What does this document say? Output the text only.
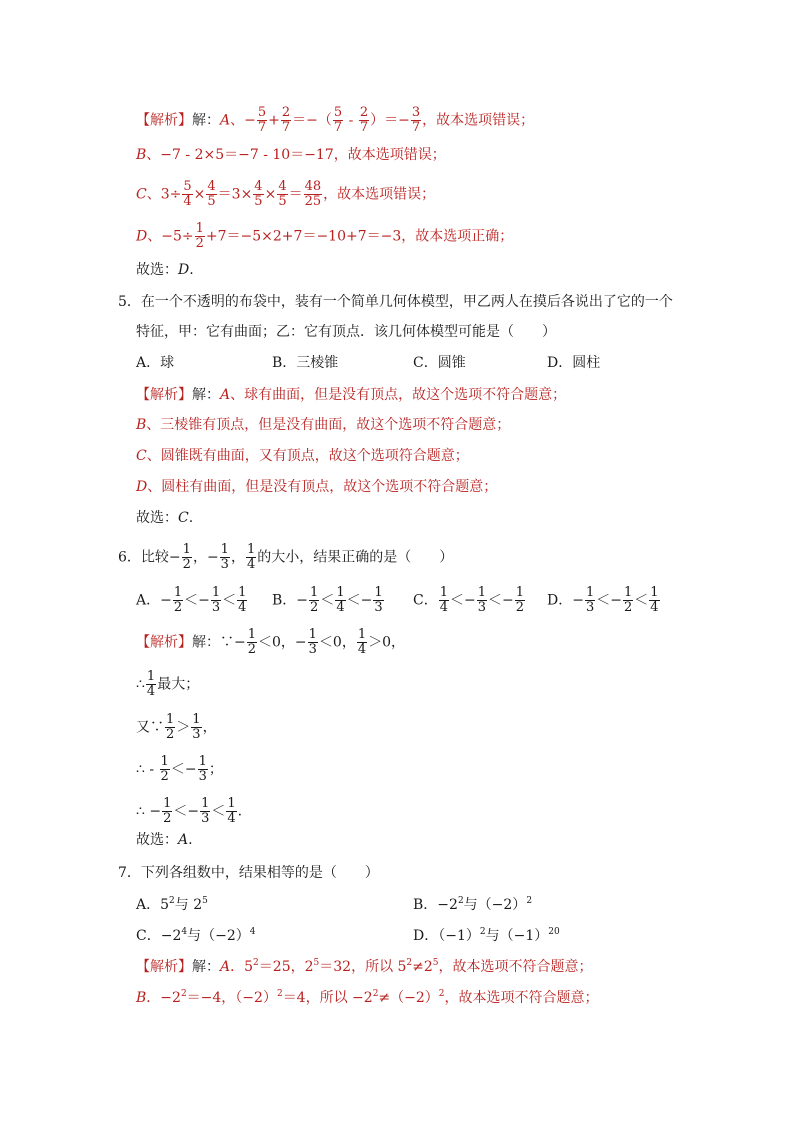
【解析】解：A、− $\frac{5}{7} + \frac{2}{7}$ ＝−（ $\frac{5}{7} - \frac{2}{7}$ ）＝− $\frac{3}{7}$ ，故本选项错误；
B、−7 - 2×5＝−7 - 10＝−17，故本选项错误；
C、$3\div \frac{5}{4} \times \frac{4}{5} =3\times \frac{4}{5} \times \frac{4}{5} = \frac{48}{25}$ ，故本选项错误；
D、$-5\div \frac{1}{2} +7=-5\times 2+7=-10+7=-3$，故本选项正确；
故选：D.
5．在一个不透明的布袋中，装有一个简单几何体模型，甲乙两人在摸后各说出了它的一个
特征，甲：它有曲面；乙：它有顶点．该几何体模型可能是（　　）
A．球	B．三棱锥	C．圆锥	D．圆柱
【解析】解：A、球有曲面，但是没有顶点，故这个选项不符合题意；
B、三棱锥有顶点，但是没有曲面，故这个选项不符合题意；
C、圆锥既有曲面，又有顶点，故这个选项符合题意；
D、圆柱有曲面，但是没有顶点，故这个选项不符合题意；
故选：C.
6．比较− $\frac{1}{2}$ ，− $\frac{1}{3}$ ， $\frac{1}{4}$ 的大小，结果正确的是（　　）
A．− $\frac{1}{2} <- \frac{1}{3} < \frac{1}{4}$ B．− $\frac{1}{2} < \frac{1}{4} <- \frac{1}{3}$ C． $\frac{1}{4} <- \frac{1}{3} <- \frac{1}{2}$ D．− $\frac{1}{3} <- \frac{1}{2} < \frac{1}{4}$
【解析】解：∵− $\frac{1}{2} <0$，− $\frac{1}{3} <0$， $\frac{1}{4} >0$，
∴ $\frac{1}{4}$ 最大；
又∵ $\frac{1}{2} > \frac{1}{3}$ ，
∴ - $\frac{1}{2} <- \frac{1}{3}$ ；
∴ − $\frac{1}{2} <- \frac{1}{3} < \frac{1}{4}$ .
故选：A.
7．下列各组数中，结果相等的是（　　）
A．$5^2$与 $2^5$	B．$-2^2$与$(-2)^2$
C．$-2^4$与$(-2)^4$	D．$(-1)^2$与$(-1)^{20}$
【解析】解：A．$5^2=25$，$2^5=32$，所以 $5^2\ne 2^5$，故本选项不符合题意；
B．$-2^2=-4$，$(-2)^2=4$，所以 $-2^2\ne(-2)^2$，故本选项不符合题意；
